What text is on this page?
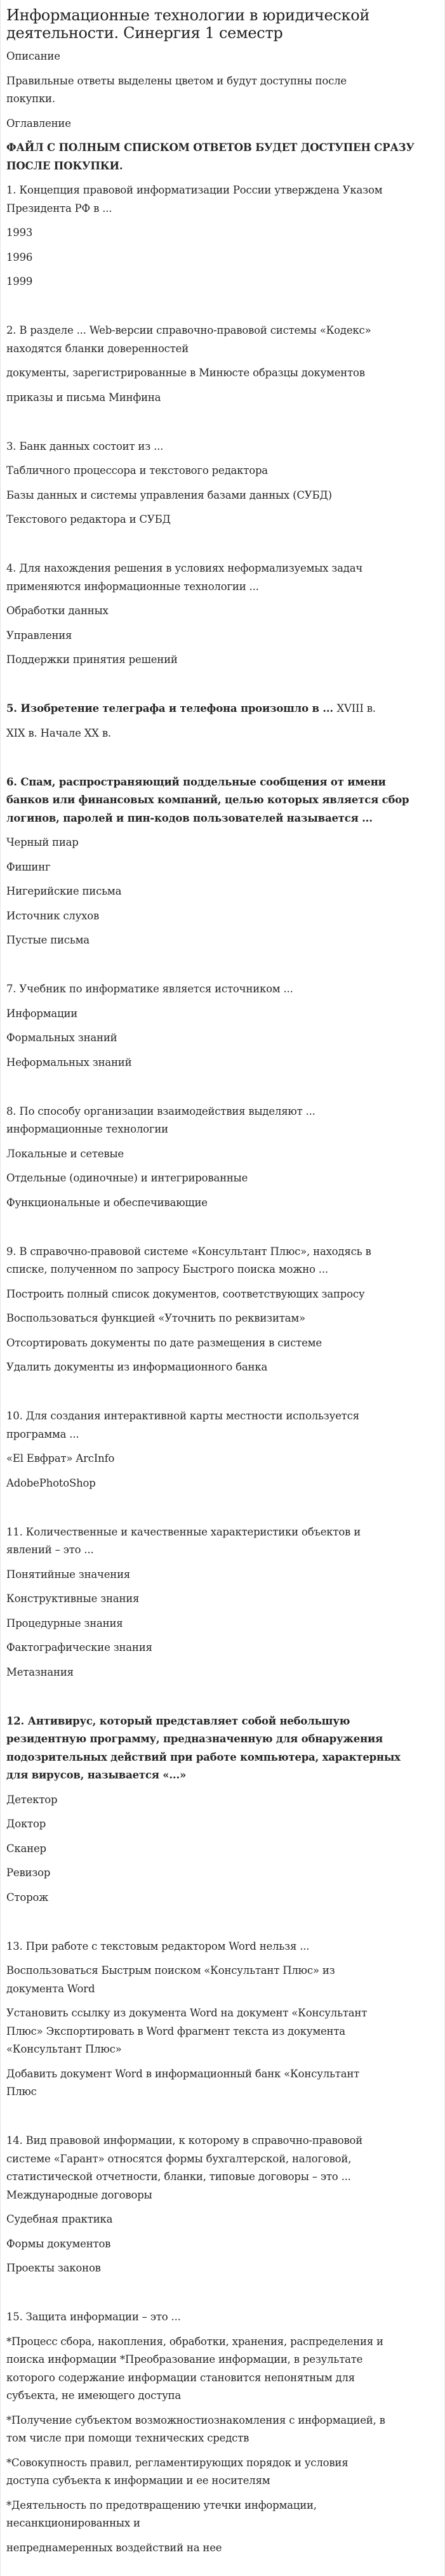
Информационные технологии в юридической
деятельности. Синергия 1 семестр

Описание

Правильные ответы выделены цветом и будут доступны после
покупки.

Оглавление

ФАЙЛ С ПОЛНЫМ СПИСКОМ ОТВЕТОВ БУДЕТ ДОСТУПЕН СРАЗУ
ПОСЛЕ ПОКУПКИ.

1. Концепция правовой информатизации России утверждена Указом
Президента РФ в ...

1993

1996

1999

2. В разделе ... Web-версии справочно-правовой системы «Кодекс»
находятся бланки доверенностей

документы, зарегистрированные в Минюсте образцы документов

приказы и письма Минфина

3. Банк данных состоит из ...

Табличного процессора и текстового редактора

Базы данных и системы управления базами данных (СУБД)

Текстового редактора и СУБД

4. Для нахождения решения в условиях неформализуемых задач
применяются информационные технологии ...

Обработки данных

Управления

Поддержки принятия решений

5. Изобретение телеграфа и телефона произошло в ... XVIII в.

XIX в. Начале XX в.

6. Спам, распространяющий поддельные сообщения от имени
банков или финансовых компаний, целью которых является сбор
логинов, паролей и пин-кодов пользователей называется ...

Черный пиар

Фишинг

Нигерийские письма

Источник слухов

Пустые письма

7. Учебник по информатике является источником ...

Информации

Формальных знаний

Неформальных знаний

8. По способу организации взаимодействия выделяют ...
информационные технологии

Локальные и сетевые

Отдельные (одиночные) и интегрированные

Функциональные и обеспечивающие

9. В справочно-правовой системе «Консультант Плюс», находясь в
списке, полученном по запросу Быстрого поиска можно ...

Построить полный список документов, соответствующих запросу

Воспользоваться функцией «Уточнить по реквизитам»

Отсортировать документы по дате размещения в системе

Удалить документы из информационного банка

10. Для создания интерактивной карты местности используется
программа ...

«El Евфрат» ArcInfo

AdobePhotoShop

11. Количественные и качественные характеристики объектов и
явлений – это ...

Понятийные значения

Конструктивные знания

Процедурные знания

Фактографические знания

Метазнания

12. Антивирус, который представляет собой небольшую
резидентную программу, предназначенную для обнаружения
подозрительных действий при работе компьютера, характерных
для вирусов, называется «...»

Детектор

Доктор

Сканер

Ревизор

Сторож

13. При работе с текстовым редактором Word нельзя ...

Воспользоваться Быстрым поиском «Консультант Плюс» из
документа Word

Установить ссылку из документа Word на документ «Консультант
Плюс» Экспортировать в Word фрагмент текста из документа
«Консультант Плюс»

Добавить документ Word в информационный банк «Консультант
Плюс

14. Вид правовой информации, к которому в справочно-правовой
системе «Гарант» относятся формы бухгалтерской, налоговой,
статистической отчетности, бланки, типовые договоры – это ...

Международные договоры

Судебная практика

Формы документов

Проекты законов

15. Защита информации – это ...

*Процесс сбора, накопления, обработки, хранения, распределения и
поиска информации *Преобразование информации, в результате
которого содержание информации становится непонятным для
субъекта, не имеющего доступа

*Получение субъектом возможностиознакомления с информацией, в
том числе при помощи технических средств

*Совокупность правил, регламентирующих порядок и условия
доступа субъекта к информации и ее носителям

*Деятельность по предотвращению утечки информации,
несанкционированных и

непреднамеренных воздействий на нее
